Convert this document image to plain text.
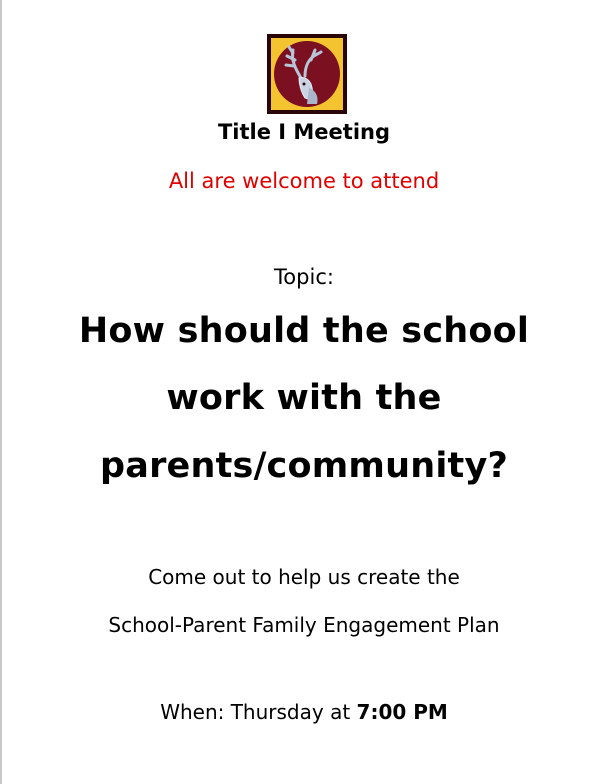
Title I Meeting
All are welcome to attend
Topic:
How should the school
work with the
parents/community?
Come out to help us create the
School-Parent Family Engagement Plan
When: Thursday at 7:00 PM
